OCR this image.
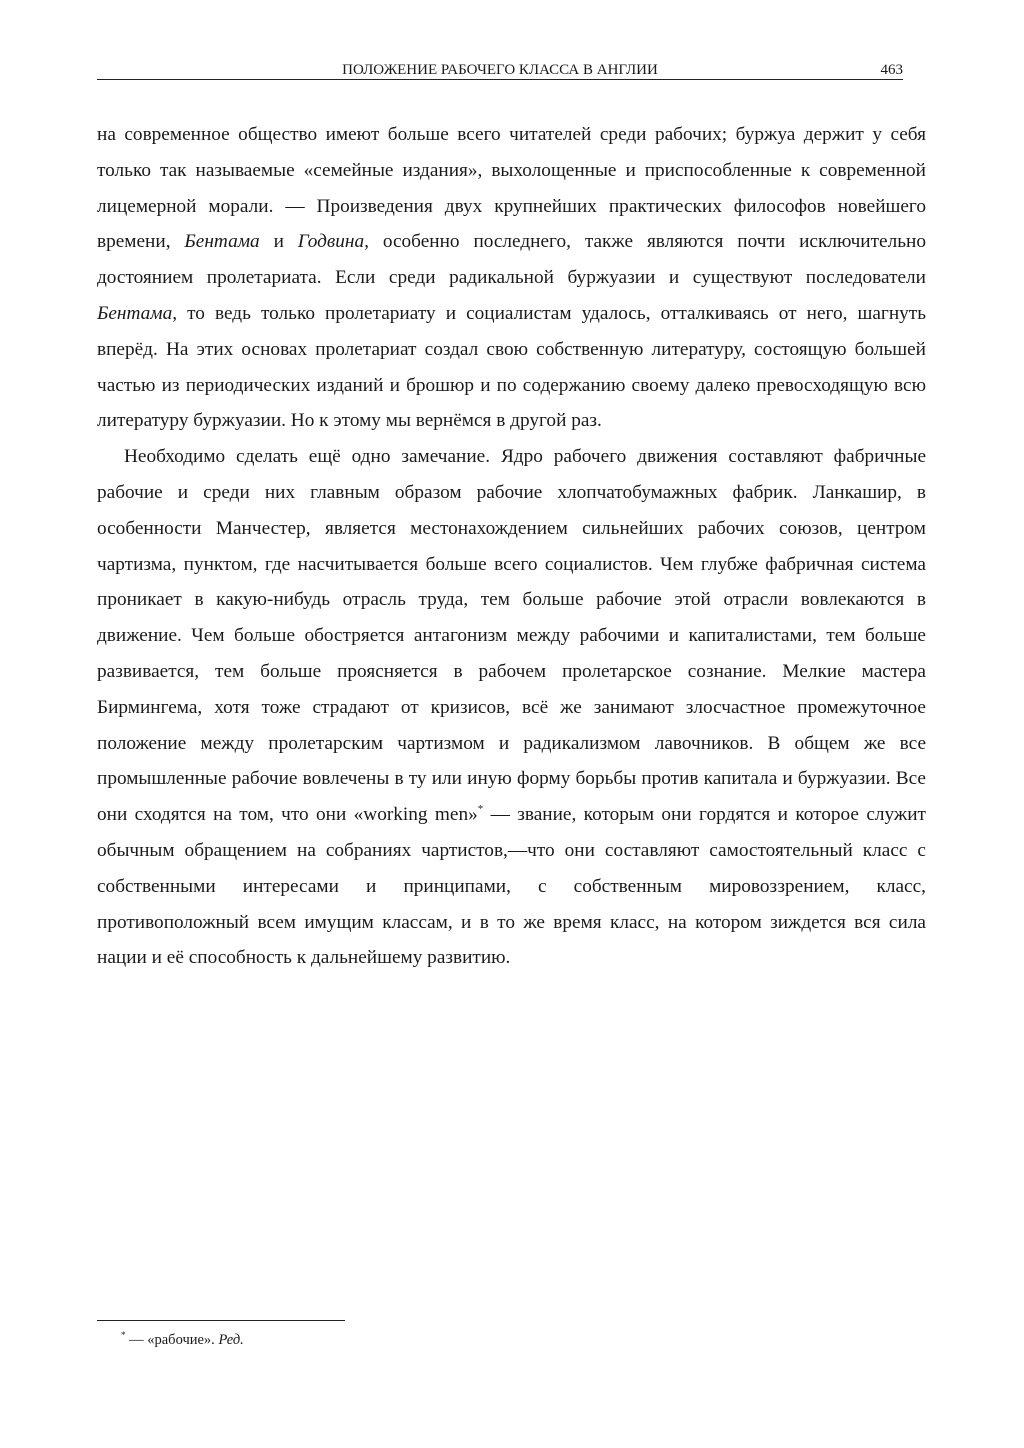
ПОЛОЖЕНИЕ РАБОЧЕГО КЛАССА В АНГЛИИ	463

на современное общество имеют больше всего читателей среди рабочих; буржуа держит у себя только так называемые «семейные издания», выхолощенные и приспособленные к современной лицемерной морали. — Произведения двух крупнейших практических философов новейшего времени, Бентама и Годвина, особенно последнего, также являются почти исключительно достоянием пролетариата. Если среди радикальной буржуазии и существуют последователи Бентама, то ведь только пролетариату и социалистам удалось, отталкиваясь от него, шагнуть вперёд. На этих основах пролетариат создал свою собственную литературу, состоящую большей частью из периодических изданий и брошюр и по содержанию своему далеко превосходящую всю литературу буржуазии. Но к этому мы вернёмся в другой раз.

Необходимо сделать ещё одно замечание. Ядро рабочего движения составляют фабричные рабочие и среди них главным образом рабочие хлопчатобумажных фабрик. Ланкашир, в особенности Манчестер, является местонахождением сильнейших рабочих союзов, центром чартизма, пунктом, где насчитывается больше всего социалистов. Чем глубже фабричная система проникает в какую-нибудь отрасль труда, тем больше рабочие этой отрасли вовлекаются в движение. Чем больше обостряется антагонизм между рабочими и капиталистами, тем больше развивается, тем больше проясняется в рабочем пролетарское сознание. Мелкие мастера Бирмингема, хотя тоже страдают от кризисов, всё же занимают злосчастное промежуточное положение между пролетарским чартизмом и радикализмом лавочников. В общем же все промышленные рабочие вовлечены в ту или иную форму борьбы против капитала и буржуазии. Все они сходятся на том, что они «working men»* — звание, которым они гордятся и которое служит обычным обращением на собраниях чартистов,—что они составляют самостоятельный класс с собственными интересами и принципами, с собственным мировоззрением, класс, противоположный всем имущим классам, и в то же время класс, на котором зиждется вся сила нации и её способность к дальнейшему развитию.

* — «рабочие». Ред.
